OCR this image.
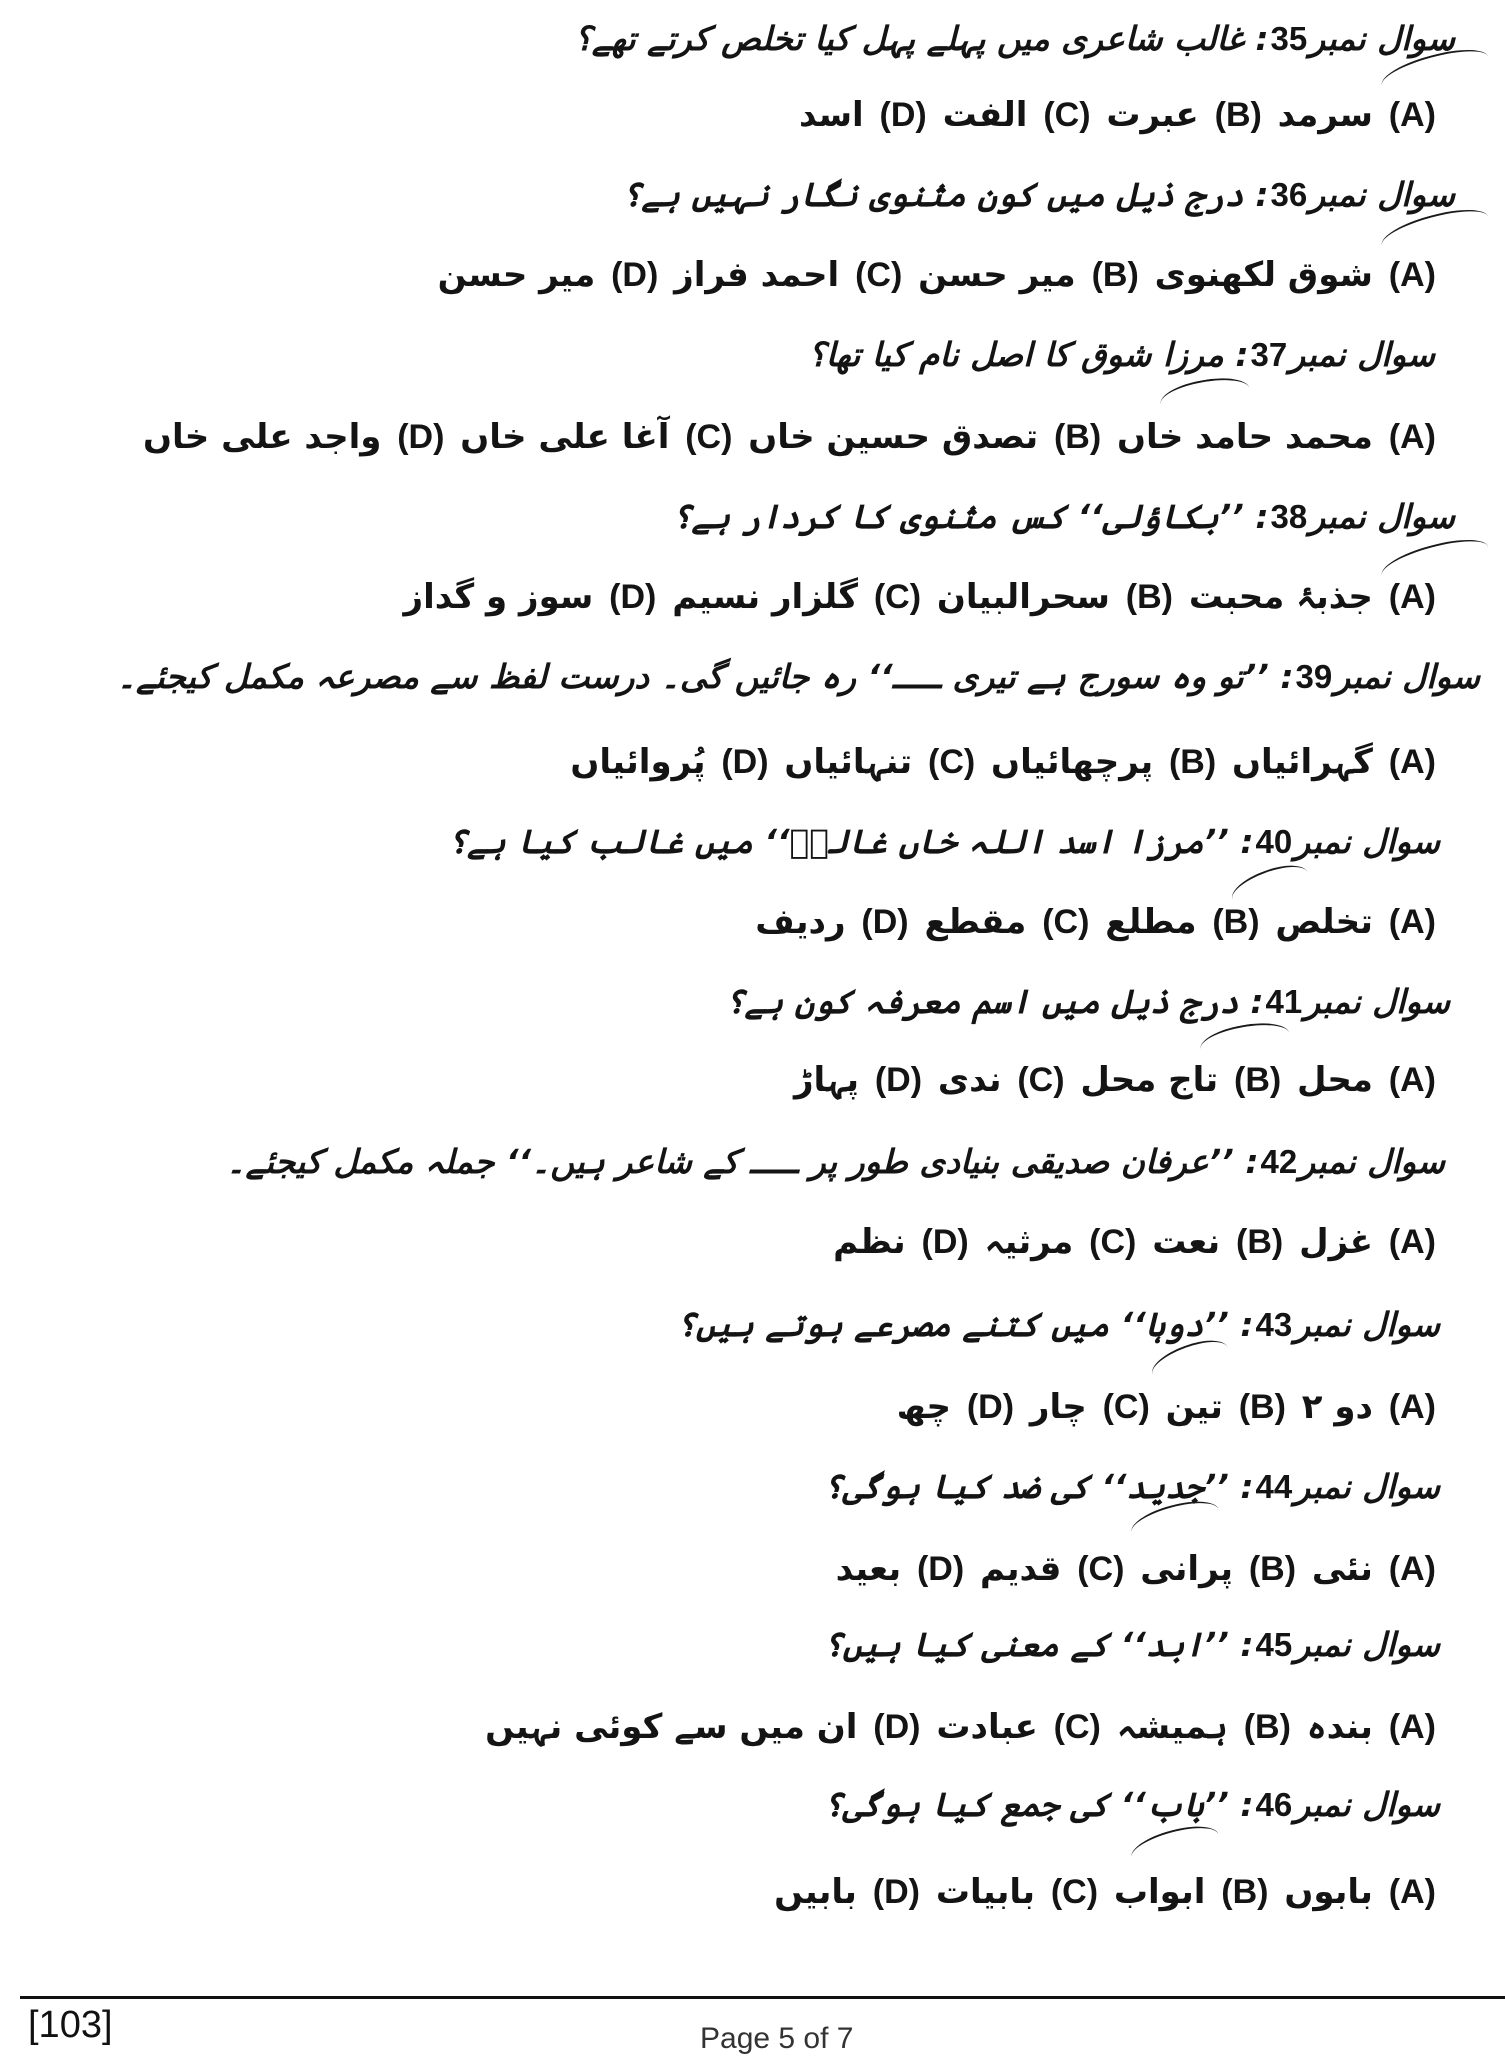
سوال نمبر35: غالب شاعری میں پہلے پہل کیا تخلص کرتے تھے؟
(A) سرمد (B) عبرت (C) الفت (D) اسد
سوال نمبر36: درج ذیل میں کون مثنوی نگار نہیں ہے؟
(A) شوق لکھنوی (B) میر حسن (C) احمد فراز (D) میر حسن
سوال نمبر37: مرزا شوق کا اصل نام کیا تھا؟
(A) محمد حامد خاں (B) تصدق حسین خاں (C) آغا علی خاں (D) واجد علی خاں
سوال نمبر38: ’’بکاؤلی‘‘ کس مثنوی کا کردار ہے؟
(A) جذبۂ محبت (B) سحرالبیان (C) گلزار نسیم (D) سوز و گداز
سوال نمبر39: ’’تو وہ سورج ہے تیری ـــــ‘‘ رہ جائیں گی۔ درست لفظ سے مصرعہ مکمل کیجئے۔
(A) گہرائیاں (B) پرچھائیاں (C) تنہائیاں (D) پُروائیاں
سوال نمبر40: ’’مرزا اسد اللہ خاں غالبؔ‘‘ میں غالب کیا ہے؟
(A) تخلص (B) مطلع (C) مقطع (D) ردیف
سوال نمبر41: درج ذیل میں اسم معرفہ کون ہے؟
(A) محل (B) تاج محل (C) ندی (D) پہاڑ
سوال نمبر42: ’’عرفان صدیقی بنیادی طور پر ـــــ کے شاعر ہیں۔‘‘ جملہ مکمل کیجئے۔
(A) غزل (B) نعت (C) مرثیہ (D) نظم
سوال نمبر43: ’’دوہا‘‘ میں کتنے مصرعے ہوتے ہیں؟
(A) دو ۲ (B) تین (C) چار (D) چھ
سوال نمبر44: ’’جدید‘‘ کی ضد کیا ہوگی؟
(A) نئی (B) پرانی (C) قدیم (D) بعید
سوال نمبر45: ’’ابد‘‘ کے معنی کیا ہیں؟
(A) بندہ (B) ہمیشہ (C) عبادت (D) ان میں سے کوئی نہیں
سوال نمبر46: ’’باب‘‘ کی جمع کیا ہوگی؟
(A) بابوں (B) ابواب (C) بابیات (D) بابیں
[103]	Page 5 of 7
